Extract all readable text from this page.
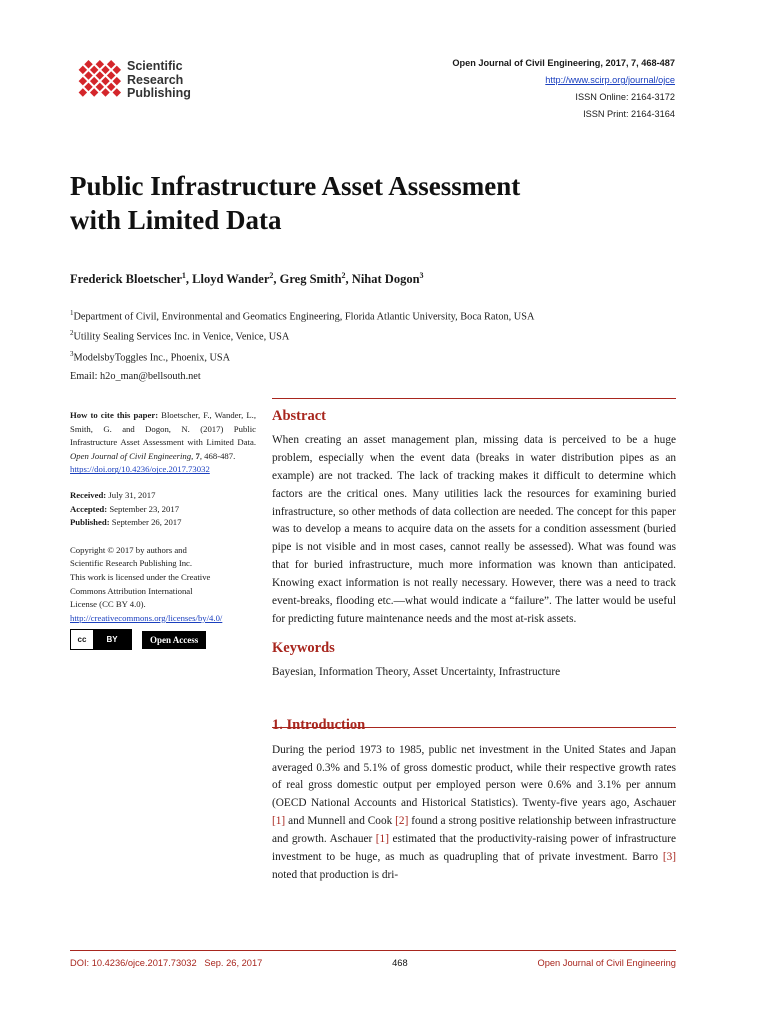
Scientific
Research
Publishing
Open Journal of Civil Engineering, 2017, 7, 468-487
http://www.scirp.org/journal/ojce
ISSN Online: 2164-3172
ISSN Print: 2164-3164
Public Infrastructure Asset Assessment
with Limited Data
Frederick Bloetscher$^1$, Lloyd Wander$^2$, Greg Smith$^2$, Nihat Dogon$^3$
$^1$Department of Civil, Environmental and Geomatics Engineering, Florida Atlantic University, Boca Raton, USA
$^2$Utility Sealing Services Inc. in Venice, Venice, USA
$^3$ModelsbyToggles Inc., Phoenix, USA
Email: h2o_man@bellsouth.net

How to cite this paper: Bloetscher, F., Wander, L., Smith, G. and Dogon, N. (2017) Public Infrastructure Asset Assessment with Limited Data. Open Journal of Civil Engineering, 7, 468-487.
https://doi.org/10.4236/ojce.2017.73032

Received: July 31, 2017
Accepted: September 23, 2017
Published: September 26, 2017

Copyright © 2017 by authors and
Scientific Research Publishing Inc.
This work is licensed under the Creative
Commons Attribution International
License (CC BY 4.0).
http://creativecommons.org/licenses/by/4.0/

cc	BY	Open Access
Abstract

When creating an asset management plan, missing data is perceived to be a huge problem, especially when the event data (breaks in water distribution pipes as an example) are not tracked. The lack of tracking makes it difficult to determine which factors are the critical ones. Many utilities lack the resources for examining buried infrastructure, so other methods of data collection are needed. The concept for this paper was to develop a means to acquire data on the assets for a condition assessment (buried pipe is not visible and in most cases, cannot really be assessed). What was found was that for buried infrastructure, much more information was known than anticipated. Knowing exact information is not really necessary. However, there was a need to track event-breaks, flooding etc.—what would indicate a “failure”. The latter would be useful for predicting future maintenance needs and the most at-risk assets.

Keywords

Bayesian, Information Theory, Asset Uncertainty, Infrastructure

1. Introduction

During the period 1973 to 1985, public net investment in the United States and Japan averaged 0.3% and 5.1% of gross domestic product, while their respective growth rates of real gross domestic output per employed person were 0.6% and 3.1% per annum (OECD National Accounts and Historical Statistics). Twenty-five years ago, Aschauer [1] and Munnell and Cook [2] found a strong positive relationship between infrastructure and growth. Aschauer [1] estimated that the productivity-raising power of infrastructure investment to be huge, as much as quadrupling that of private investment. Barro [3] noted that production is dri-

DOI: 10.4236/ojce.2017.73032 Sep. 26, 2017	468	Open Journal of Civil Engineering
